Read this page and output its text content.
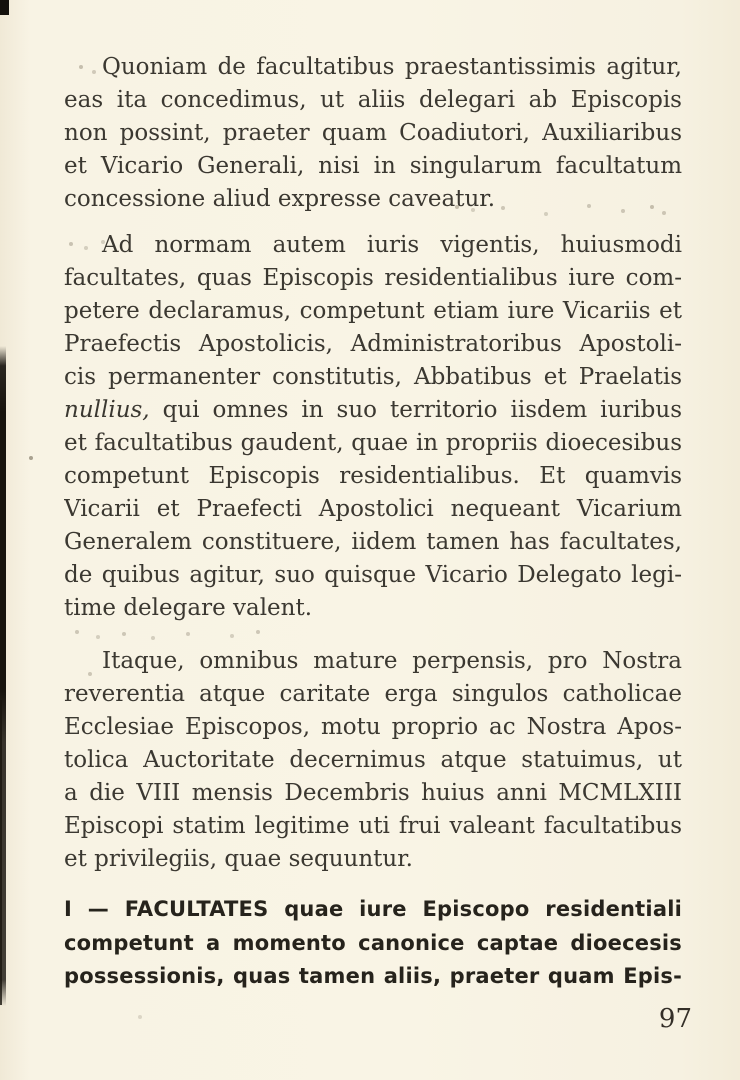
Quoniam de facultatibus praestantissimis agitur,
eas ita concedimus, ut aliis delegari ab Episcopis
non possint, praeter quam Coadiutori, Auxiliaribus
et Vicario Generali, nisi in singularum facultatum
concessione aliud expresse caveatur.
Ad normam autem iuris vigentis, huiusmodi
facultates, quas Episcopis residentialibus iure com-
petere declaramus, competunt etiam iure Vicariis et
Praefectis Apostolicis, Administratoribus Apostoli-
cis permanenter constitutis, Abbatibus et Praelatis
nullius, qui omnes in suo territorio iisdem iuribus
et facultatibus gaudent, quae in propriis dioecesibus
competunt Episcopis residentialibus. Et quamvis
Vicarii et Praefecti Apostolici nequeant Vicarium
Generalem constituere, iidem tamen has facultates,
de quibus agitur, suo quisque Vicario Delegato legi-
time delegare valent.
Itaque, omnibus mature perpensis, pro Nostra
reverentia atque caritate erga singulos catholicae
Ecclesiae Episcopos, motu proprio ac Nostra Apos-
tolica Auctoritate decernimus atque statuimus, ut
a die VIII mensis Decembris huius anni MCMLXIII
Episcopi statim legitime uti frui valeant facultatibus
et privilegiis, quae sequuntur.
I — FACULTATES quae iure Episcopo residentiali
competunt a momento canonice captae dioecesis
possessionis, quas tamen aliis, praeter quam Epis-
97
